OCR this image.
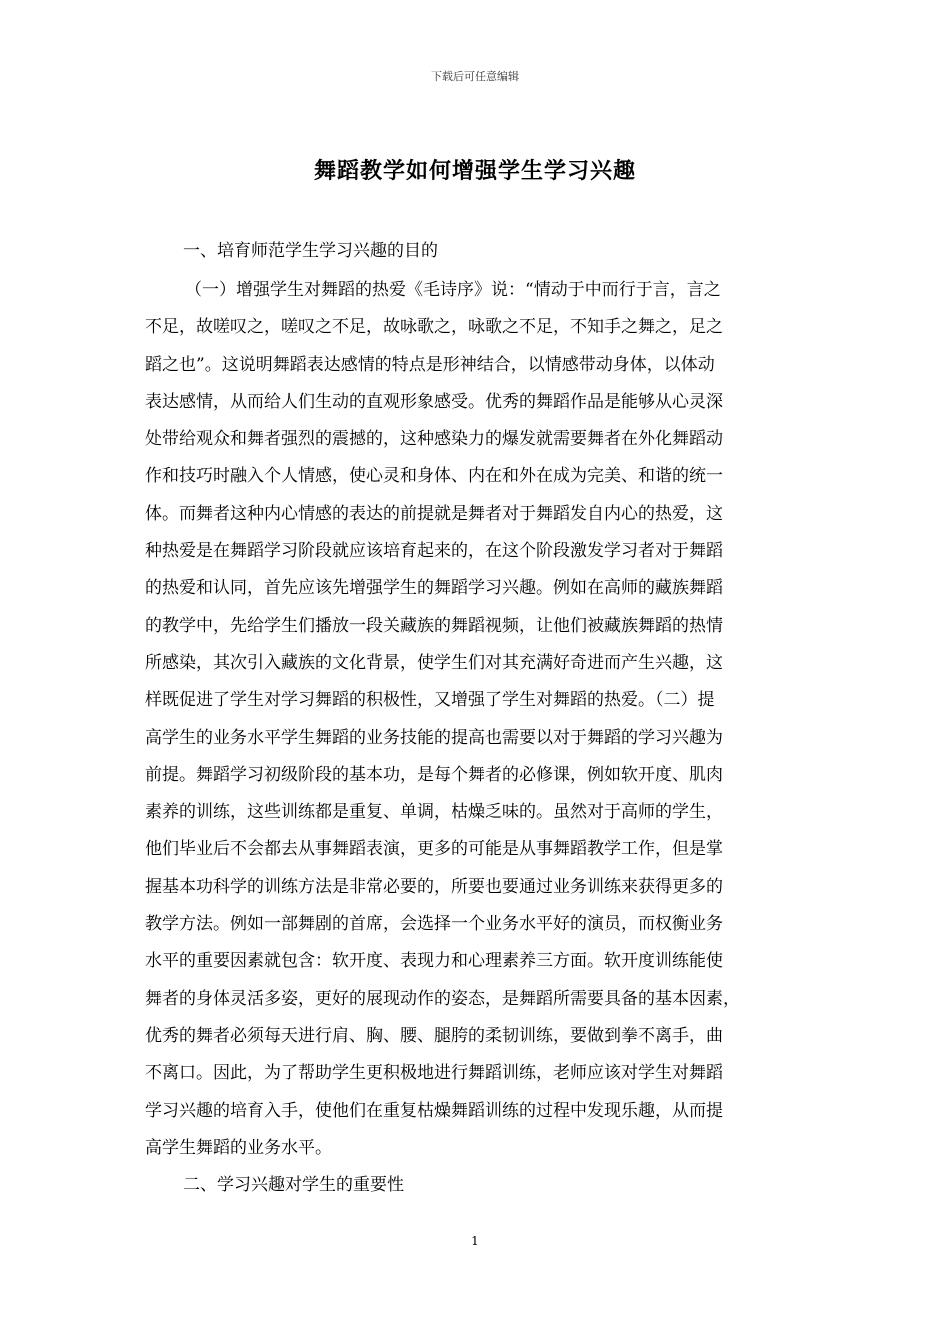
下载后可任意编辑
舞蹈教学如何增强学生学习兴趣
一、培育师范学生学习兴趣的目的
（一）增强学生对舞蹈的热爱《毛诗序》说：“情动于中而行于言，言之
不足，故嗟叹之，嗟叹之不足，故咏歌之，咏歌之不足，不知手之舞之，足之
蹈之也”。这说明舞蹈表达感情的特点是形神结合，以情感带动身体，以体动
表达感情，从而给人们生动的直观形象感受。优秀的舞蹈作品是能够从心灵深
处带给观众和舞者强烈的震撼的，这种感染力的爆发就需要舞者在外化舞蹈动
作和技巧时融入个人情感，使心灵和身体、内在和外在成为完美、和谐的统一
体。而舞者这种内心情感的表达的前提就是舞者对于舞蹈发自内心的热爱，这
种热爱是在舞蹈学习阶段就应该培育起来的，在这个阶段激发学习者对于舞蹈
的热爱和认同，首先应该先增强学生的舞蹈学习兴趣。例如在高师的藏族舞蹈
的教学中，先给学生们播放一段关藏族的舞蹈视频，让他们被藏族舞蹈的热情
所感染，其次引入藏族的文化背景，使学生们对其充满好奇进而产生兴趣，这
样既促进了学生对学习舞蹈的积极性，又增强了学生对舞蹈的热爱。（二）提
高学生的业务水平学生舞蹈的业务技能的提高也需要以对于舞蹈的学习兴趣为
前提。舞蹈学习初级阶段的基本功，是每个舞者的必修课，例如软开度、肌肉
素养的训练，这些训练都是重复、单调，枯燥乏味的。虽然对于高师的学生，
他们毕业后不会都去从事舞蹈表演，更多的可能是从事舞蹈教学工作，但是掌
握基本功科学的训练方法是非常必要的，所要也要通过业务训练来获得更多的
教学方法。例如一部舞剧的首席，会选择一个业务水平好的演员，而权衡业务
水平的重要因素就包含：软开度、表现力和心理素养三方面。软开度训练能使
舞者的身体灵活多姿，更好的展现动作的姿态，是舞蹈所需要具备的基本因素，
优秀的舞者必须每天进行肩、胸、腰、腿胯的柔韧训练，要做到拳不离手，曲
不离口。因此，为了帮助学生更积极地进行舞蹈训练，老师应该对学生对舞蹈
学习兴趣的培育入手，使他们在重复枯燥舞蹈训练的过程中发现乐趣，从而提
高学生舞蹈的业务水平。
二、学习兴趣对学生的重要性
1
